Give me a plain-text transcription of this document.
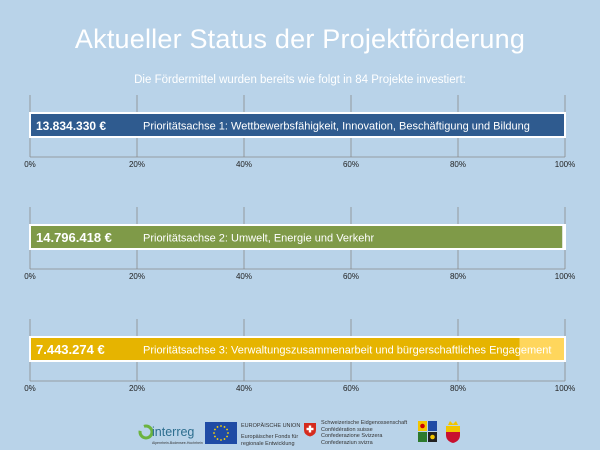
Aktueller Status der Projektförderung
Die Fördermittel wurden bereits wie folgt in 84 Projekte investiert:
13.834.330 €	Prioritätsachse 1: Wettbewerbsfähigkeit, Innovation, Beschäftigung und Bildung
0%	20%	40%	60%	80%	100%
14.796.418 €	Prioritätsachse 2: Umwelt, Energie und Verkehr
0%	20%	40%	60%	80%	100%
7.443.274 €	Prioritätsachse 3: Verwaltungszusammenarbeit und bürgerschaftliches Engagement
0%	20%	40%	60%	80%	100%
interreg
Alpenrhein-Bodensee-Hochrhein
EUROPÄISCHE UNION
Europäischer Fonds für regionale Entwicklung
Schweizerische Eidgenossenschaft
Confédération suisse
Confederazione Svizzera
Confederaziun svizra
